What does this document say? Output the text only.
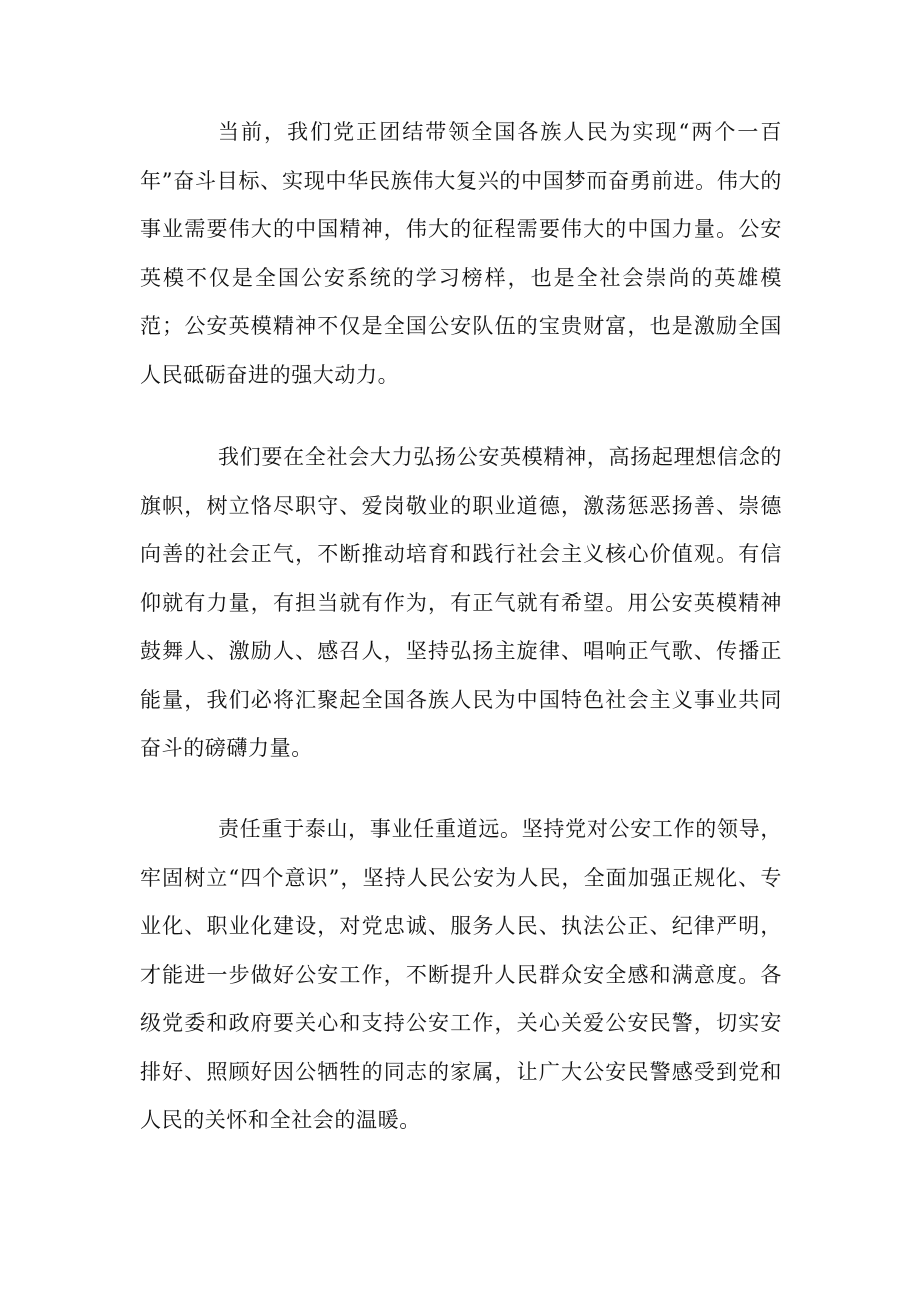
当前，我们党正团结带领全国各族人民为实现“两个一百年”奋斗目标、实现中华民族伟大复兴的中国梦而奋勇前进。伟大的事业需要伟大的中国精神，伟大的征程需要伟大的中国力量。公安英模不仅是全国公安系统的学习榜样，也是全社会崇尚的英雄模范；公安英模精神不仅是全国公安队伍的宝贵财富，也是激励全国人民砥砺奋进的强大动力。

我们要在全社会大力弘扬公安英模精神，高扬起理想信念的旗帜，树立恪尽职守、爱岗敬业的职业道德，激荡惩恶扬善、崇德向善的社会正气，不断推动培育和践行社会主义核心价值观。有信仰就有力量，有担当就有作为，有正气就有希望。用公安英模精神鼓舞人、激励人、感召人，坚持弘扬主旋律、唱响正气歌、传播正能量，我们必将汇聚起全国各族人民为中国特色社会主义事业共同奋斗的磅礴力量。

责任重于泰山，事业任重道远。坚持党对公安工作的领导，牢固树立“四个意识”，坚持人民公安为人民，全面加强正规化、专业化、职业化建设，对党忠诚、服务人民、执法公正、纪律严明，才能进一步做好公安工作，不断提升人民群众安全感和满意度。各级党委和政府要关心和支持公安工作，关心关爱公安民警，切实安排好、照顾好因公牺牲的同志的家属，让广大公安民警感受到党和人民的关怀和全社会的温暖。
